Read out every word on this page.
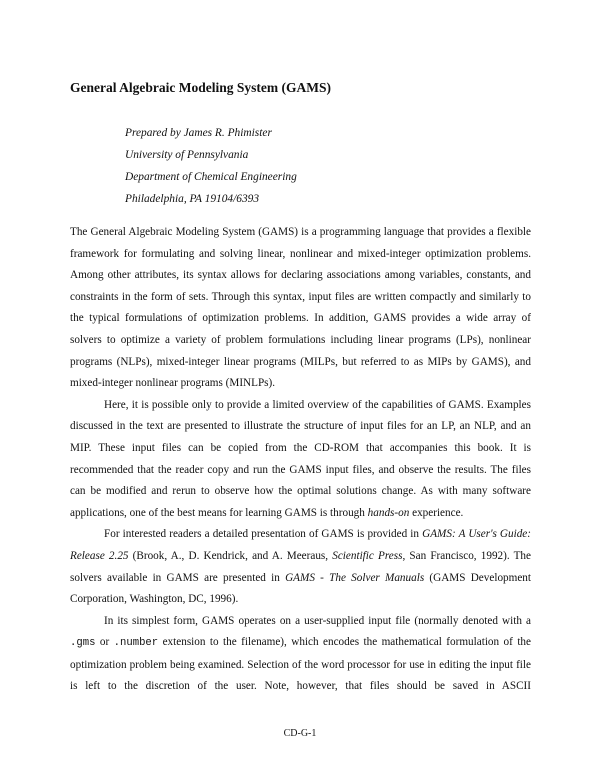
General Algebraic Modeling System (GAMS)
Prepared by James R. Phimister
University of Pennsylvania
Department of Chemical Engineering
Philadelphia, PA 19104/6393

The General Algebraic Modeling System (GAMS) is a programming language that provides a flexible framework for formulating and solving linear, nonlinear and mixed-integer optimization problems. Among other attributes, its syntax allows for declaring associations among variables, constants, and constraints in the form of sets. Through this syntax, input files are written compactly and similarly to the typical formulations of optimization problems. In addition, GAMS provides a wide array of solvers to optimize a variety of problem formulations including linear programs (LPs), nonlinear programs (NLPs), mixed-integer linear programs (MILPs, but referred to as MIPs by GAMS), and mixed-integer nonlinear programs (MINLPs).

Here, it is possible only to provide a limited overview of the capabilities of GAMS. Examples discussed in the text are presented to illustrate the structure of input files for an LP, an NLP, and an MIP. These input files can be copied from the CD-ROM that accompanies this book. It is recommended that the reader copy and run the GAMS input files, and observe the results. The files can be modified and rerun to observe how the optimal solutions change. As with many software applications, one of the best means for learning GAMS is through hands-on experience.

For interested readers a detailed presentation of GAMS is provided in GAMS: A User's Guide: Release 2.25 (Brook, A., D. Kendrick, and A. Meeraus, Scientific Press, San Francisco, 1992). The solvers available in GAMS are presented in GAMS - The Solver Manuals (GAMS Development Corporation, Washington, DC, 1996).

In its simplest form, GAMS operates on a user-supplied input file (normally denoted with a .gms or .number extension to the filename), which encodes the mathematical formulation of the optimization problem being examined. Selection of the word processor for use in editing the input file is left to the discretion of the user. Note, however, that files should be saved in ASCII

CD-G-1
